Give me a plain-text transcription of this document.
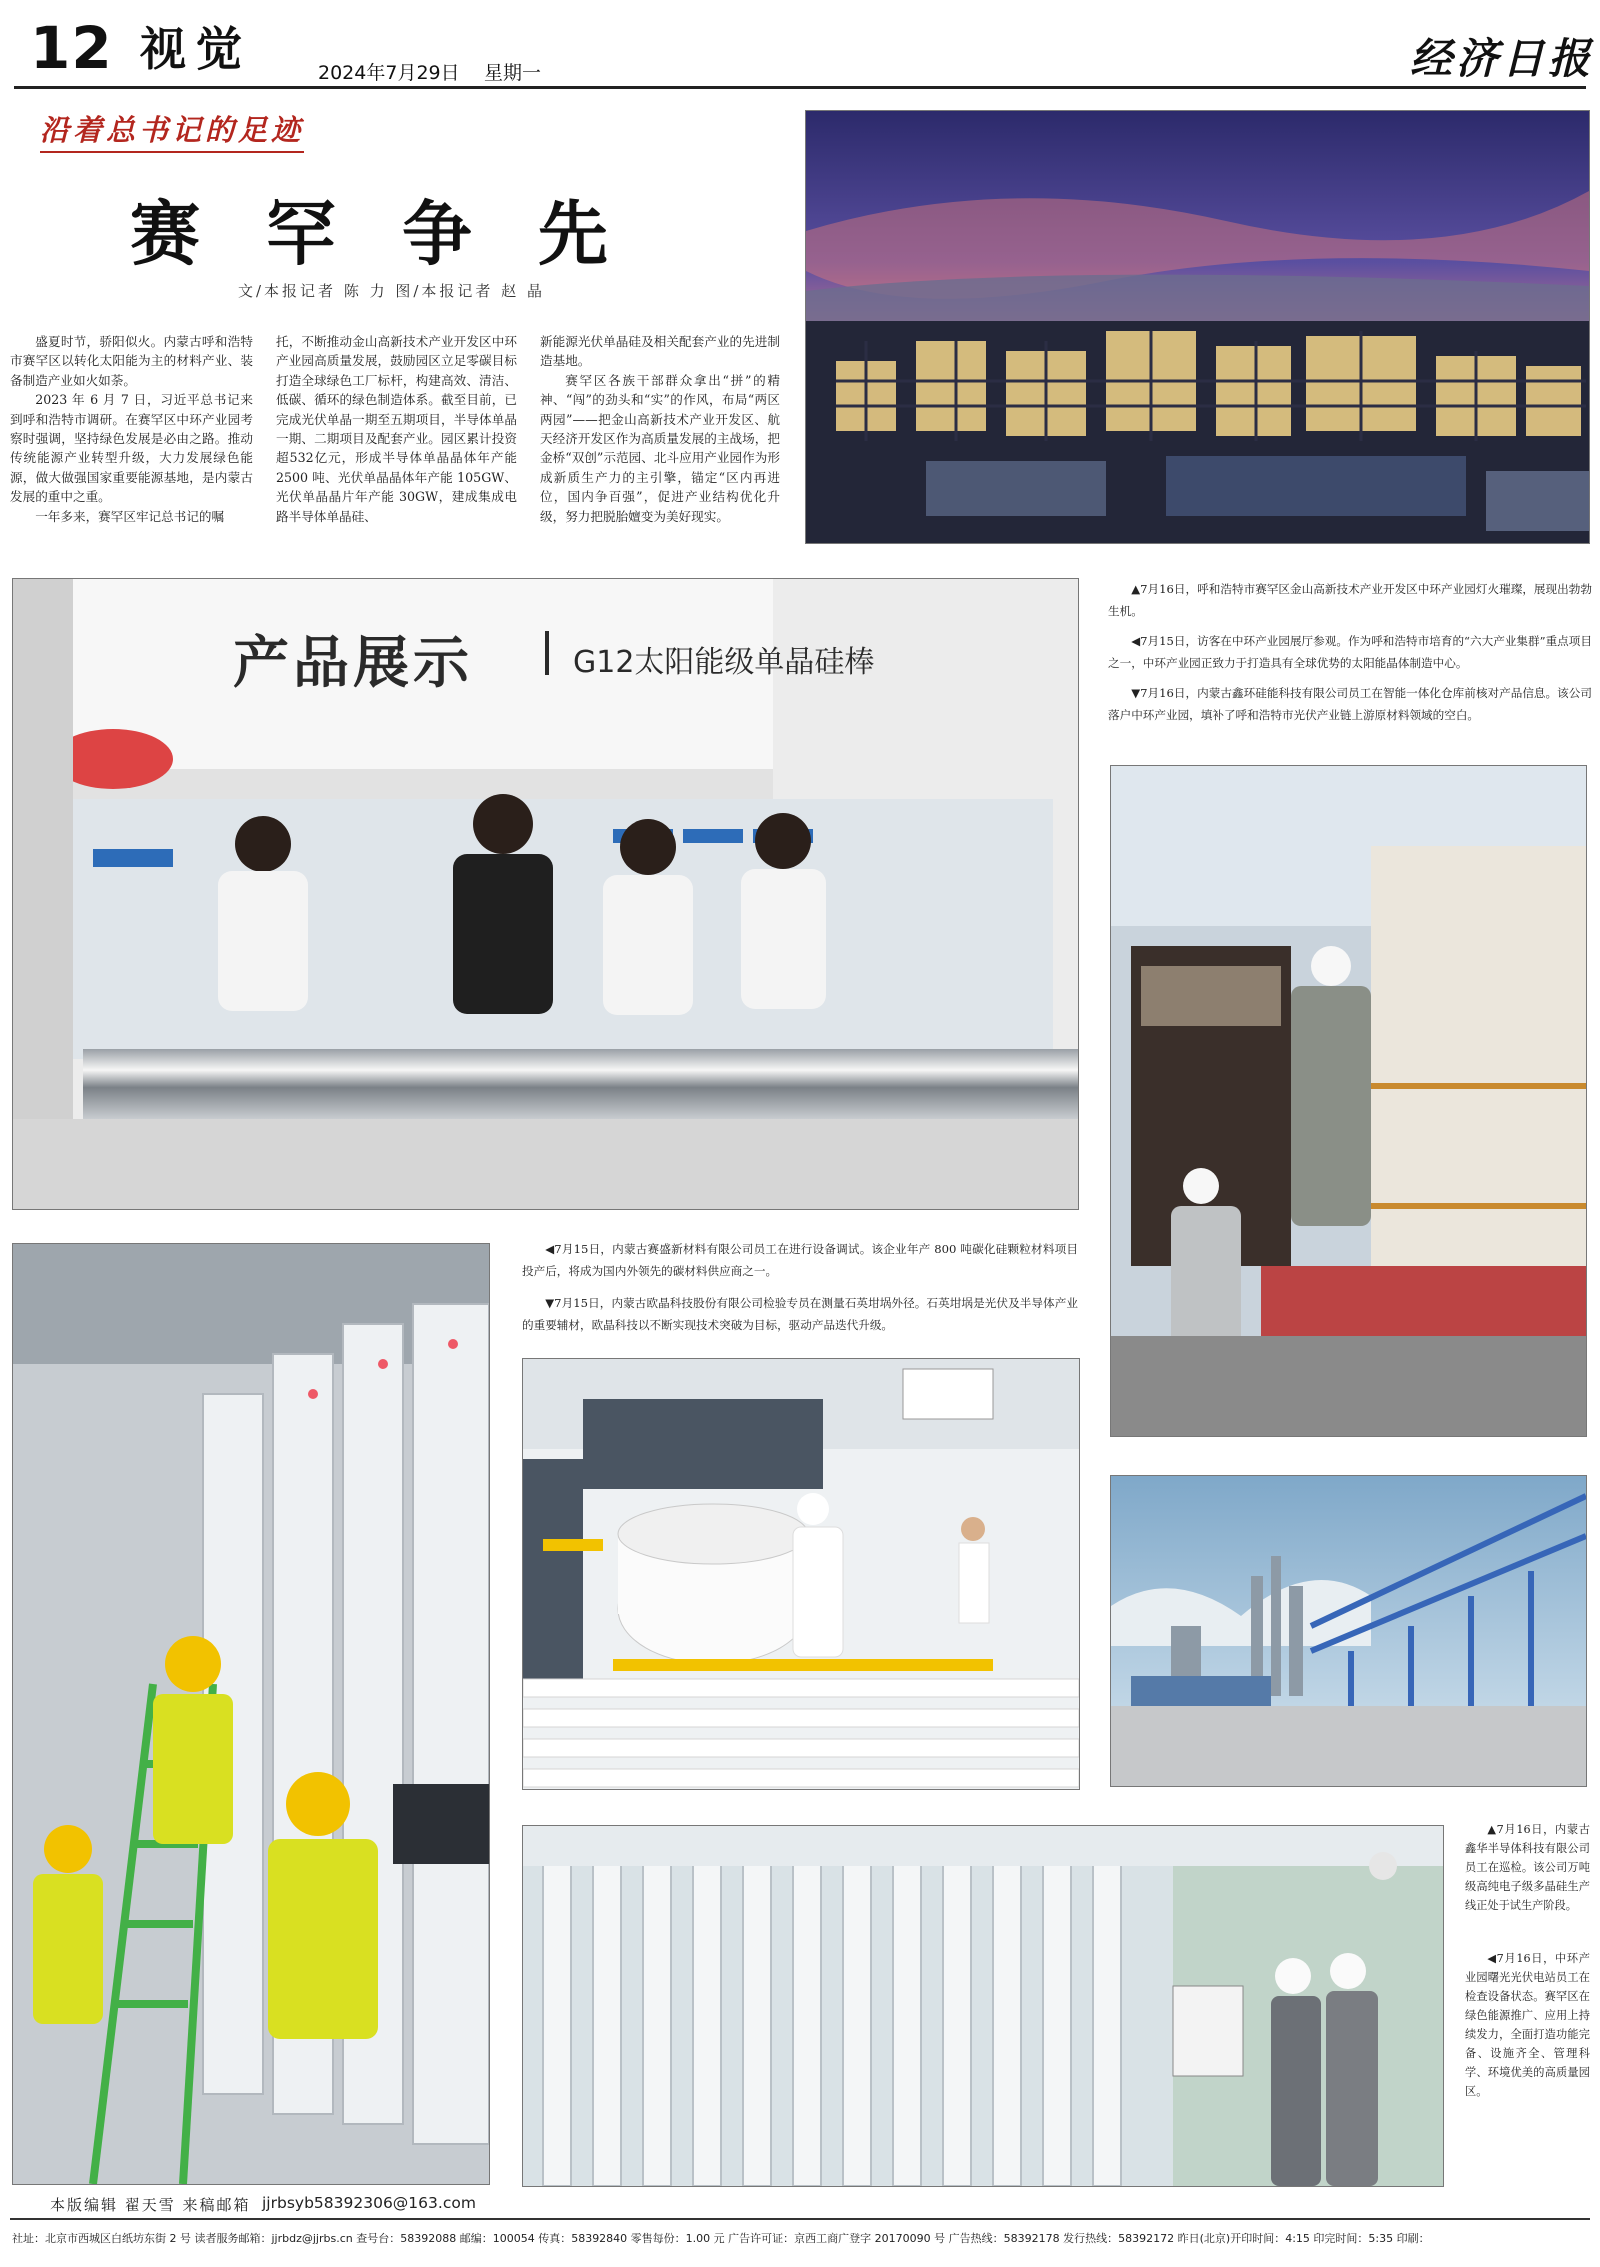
12 视觉	2024年7月29日 星期一	经济日报
沿着总书记的足迹
赛罕争先
文/本报记者 陈 力 图/本报记者 赵 晶

盛夏时节，骄阳似火。内蒙古呼和浩特市赛罕区以转化太阳能为主的材料产业、装备制造产业如火如荼。

2023 年 6 月 7 日，习近平总书记来到呼和浩特市调研。在赛罕区中环产业园考察时强调，坚持绿色发展是必由之路。推动传统能源产业转型升级，大力发展绿色能源，做大做强国家重要能源基地，是内蒙古发展的重中之重。

一年多来，赛罕区牢记总书记的嘱

托，不断推动金山高新技术产业开发区中环产业园高质量发展，鼓励园区立足零碳目标打造全球绿色工厂标杆，构建高效、清洁、低碳、循环的绿色制造体系。截至目前，已完成光伏单晶一期至五期项目，半导体单晶一期、二期项目及配套产业。园区累计投资超532亿元，形成半导体单晶晶体年产能 2500 吨、光伏单晶晶体年产能 105GW、光伏单晶晶片年产能 30GW，建成集成电路半导体单晶硅、

新能源光伏单晶硅及相关配套产业的先进制造基地。

赛罕区各族干部群众拿出“拼”的精神、“闯”的劲头和“实”的作风，布局“两区两园”——把金山高新技术产业开发区、航天经济开发区作为高质量发展的主战场，把金桥“双创”示范园、北斗应用产业园作为形成新质生产力的主引擎，锚定“区内再进位，国内争百强”，促进产业结构优化升级，努力把脱胎嬗变为美好现实。

产品展示	G12太阳能级单晶硅棒

▲7月16日，呼和浩特市赛罕区金山高新技术产业开发区中环产业园灯火璀璨，展现出勃勃生机。

◀7月15日，访客在中环产业园展厅参观。作为呼和浩特市培育的“六大产业集群”重点项目之一，中环产业园正致力于打造具有全球优势的太阳能晶体制造中心。

▼7月16日，内蒙古鑫环硅能科技有限公司员工在智能一体化仓库前核对产品信息。该公司落户中环产业园，填补了呼和浩特市光伏产业链上游原材料领域的空白。

◀7月15日，内蒙古赛盛新材料有限公司员工在进行设备调试。该企业年产 800 吨碳化硅颗粒材料项目投产后，将成为国内外领先的碳材料供应商之一。

▼7月15日，内蒙古欧晶科技股份有限公司检验专员在测量石英坩埚外径。石英坩埚是光伏及半导体产业的重要辅材，欧晶科技以不断实现技术突破为目标，驱动产品迭代升级。

▲7月16日，内蒙古鑫华半导体科技有限公司员工在巡检。该公司万吨级高纯电子级多晶硅生产线正处于试生产阶段。

◀7月16日，中环产业园曙光光伏电站员工在检查设备状态。赛罕区在绿色能源推广、应用上持续发力，全面打造功能完备、设施齐全、管理科学、环境优美的高质量园区。

本版编辑 翟天雪 来稿邮箱 jjrbsyb58392306@163.com
社址：北京市西城区白纸坊东街 2 号 读者服务邮箱：jjrbdz@jjrbs.cn 查号台：58392088 邮编：100054 传真：58392840 零售每份：1.00 元 广告许可证：京西工商广登字 20170090 号 广告热线：58392178 发行热线：58392172 昨日(北京)开印时间：4:15 印完时间：5:35 印刷：
